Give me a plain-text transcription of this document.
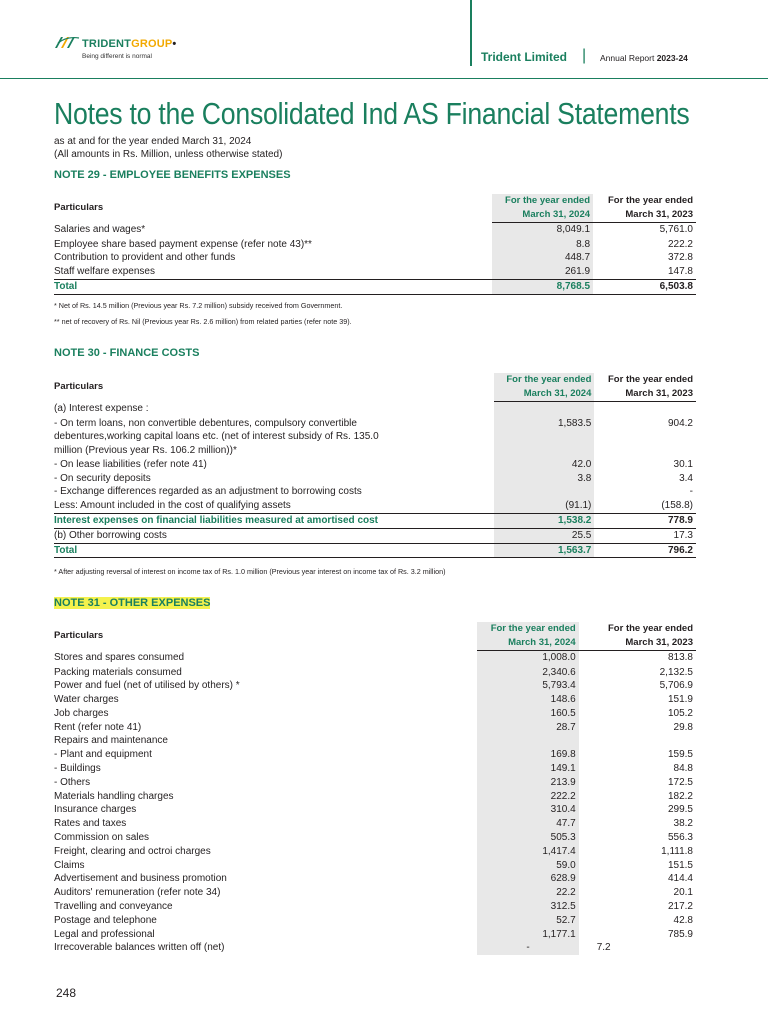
TRIDENTGROUP•
Being different is normal	Trident Limited | Annual Report 2023-24
Notes to the Consolidated Ind AS Financial Statements
as at and for the year ended March 31, 2024
(All amounts in Rs. Million, unless otherwise stated)
NOTE 29 - EMPLOYEE BENEFITS EXPENSES
Particulars	For the year ended	For the year ended
	March 31, 2024	March 31, 2023
Salaries and wages*	8,049.1	5,761.0
Employee share based payment expense (refer note 43)**	8.8	222.2
Contribution to provident and other funds	448.7	372.8
Staff welfare expenses	261.9	147.8
Total	8,768.5	6,503.8
* Net of Rs. 14.5 million (Previous year Rs. 7.2 million) subsidy received from Government.
** net of recovery of Rs. Nil (Previous year Rs. 2.6 million) from related parties (refer note 39).
NOTE 30 - FINANCE COSTS
Particulars	For the year ended	For the year ended
	March 31, 2024	March 31, 2023
(a) Interest expense :		
- On term loans, non convertible debentures, compulsory convertible	1,583.5	904.2
debentures,working capital loans etc. (net of interest subsidy of Rs. 135.0		
million (Previous year Rs. 106.2 million))*		
- On lease liabilities (refer note 41)	42.0	30.1
- On security deposits	3.8	3.4
- Exchange differences regarded as an adjustment to borrowing costs		-
Less: Amount included in the cost of qualifying assets	(91.1)	(158.8)
Interest expenses on financial liabilities measured at amortised cost	1,538.2	778.9
(b) Other borrowing costs	25.5	17.3
Total	1,563.7	796.2
* After adjusting reversal of interest on income tax of Rs. 1.0 million (Previous year interest on income tax of Rs. 3.2 million)
NOTE 31 - OTHER EXPENSES
Particulars	For the year ended	For the year ended
	March 31, 2024	March 31, 2023
Stores and spares consumed	1,008.0	813.8
Packing materials consumed	2,340.6	2,132.5
Power and fuel (net of utilised by others) *	5,793.4	5,706.9
Water charges	148.6	151.9
Job charges	160.5	105.2
Rent (refer note 41)	28.7	29.8
Repairs and maintenance		
- Plant and equipment	169.8	159.5
- Buildings	149.1	84.8
- Others	213.9	172.5
Materials handling charges	222.2	182.2
Insurance charges	310.4	299.5
Rates and taxes	47.7	38.2
Commission on sales	505.3	556.3
Freight, clearing and octroi charges	1,417.4	1,111.8
Claims	59.0	151.5
Advertisement and business promotion	628.9	414.4
Auditors' remuneration (refer note 34)	22.2	20.1
Travelling and conveyance	312.5	217.2
Postage and telephone	52.7	42.8
Legal and professional	1,177.1	785.9
Irrecoverable balances written off (net)	-	7.2
248
